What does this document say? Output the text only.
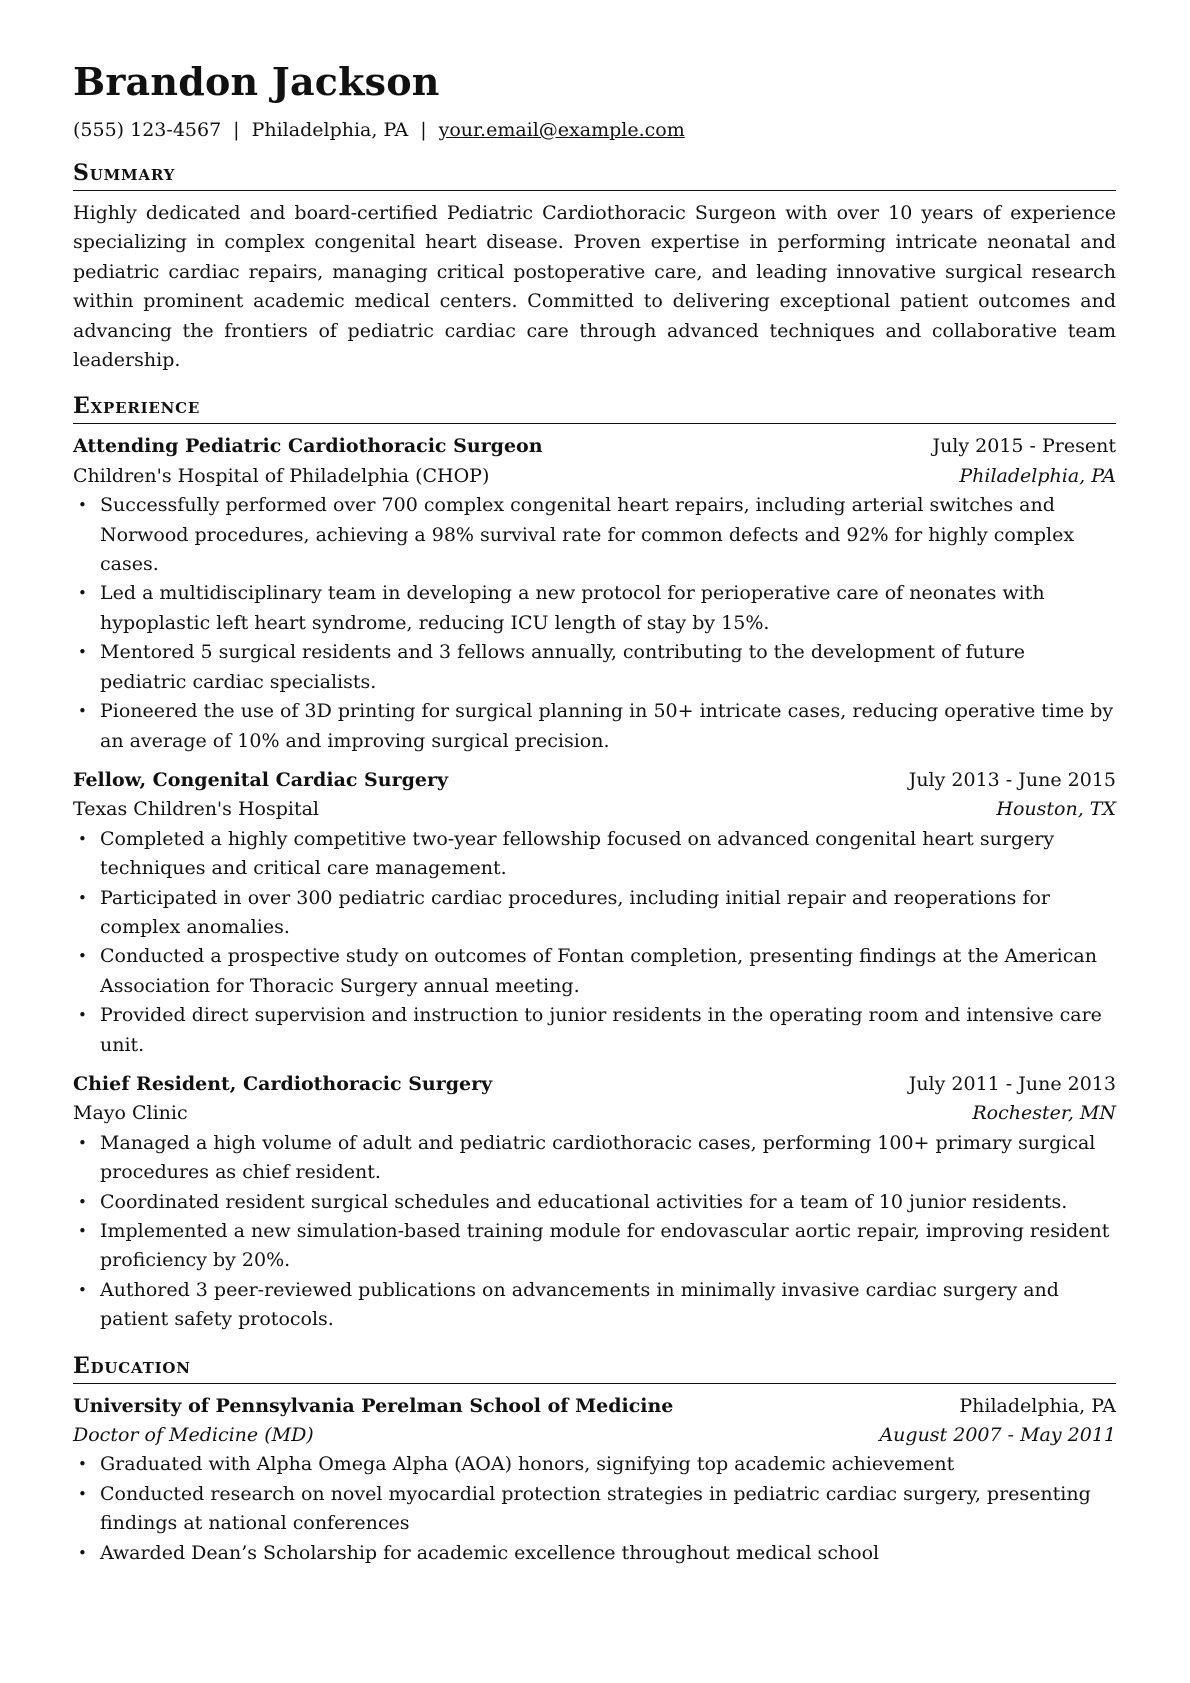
Brandon Jackson
(555) 123-4567 | Philadelphia, PA | your.email@example.com
Summary

Highly dedicated and board-certified Pediatric Cardiothoracic Surgeon with over 10 years of experience specializing in complex congenital heart disease. Proven expertise in performing intricate neonatal and pediatric cardiac repairs, managing critical postoperative care, and leading innovative surgical research within prominent academic medical centers. Committed to delivering exceptional patient outcomes and advancing the frontiers of pediatric cardiac care through advanced techniques and collaborative team leadership.

Experience
Attending Pediatric Cardiothoracic Surgeon	July 2015 - Present
Children's Hospital of Philadelphia (CHOP)	Philadelphia, PA
• Successfully performed over 700 complex congenital heart repairs, including arterial switches and Norwood procedures, achieving a 98% survival rate for common defects and 92% for highly complex cases.
• Led a multidisciplinary team in developing a new protocol for perioperative care of neonates with hypoplastic left heart syndrome, reducing ICU length of stay by 15%.
• Mentored 5 surgical residents and 3 fellows annually, contributing to the development of future pediatric cardiac specialists.
• Pioneered the use of 3D printing for surgical planning in 50+ intricate cases, reducing operative time by an average of 10% and improving surgical precision.
Fellow, Congenital Cardiac Surgery	July 2013 - June 2015
Texas Children's Hospital	Houston, TX
• Completed a highly competitive two-year fellowship focused on advanced congenital heart surgery techniques and critical care management.
• Participated in over 300 pediatric cardiac procedures, including initial repair and reoperations for complex anomalies.
• Conducted a prospective study on outcomes of Fontan completion, presenting findings at the American Association for Thoracic Surgery annual meeting.
• Provided direct supervision and instruction to junior residents in the operating room and intensive care unit.
Chief Resident, Cardiothoracic Surgery	July 2011 - June 2013
Mayo Clinic	Rochester, MN
• Managed a high volume of adult and pediatric cardiothoracic cases, performing 100+ primary surgical procedures as chief resident.
• Coordinated resident surgical schedules and educational activities for a team of 10 junior residents.
• Implemented a new simulation-based training module for endovascular aortic repair, improving resident proficiency by 20%.
• Authored 3 peer-reviewed publications on advancements in minimally invasive cardiac surgery and patient safety protocols.
Education
University of Pennsylvania Perelman School of Medicine	Philadelphia, PA
Doctor of Medicine (MD)	August 2007 - May 2011
• Graduated with Alpha Omega Alpha (AOA) honors, signifying top academic achievement
• Conducted research on novel myocardial protection strategies in pediatric cardiac surgery, presenting findings at national conferences
• Awarded Dean’s Scholarship for academic excellence throughout medical school
